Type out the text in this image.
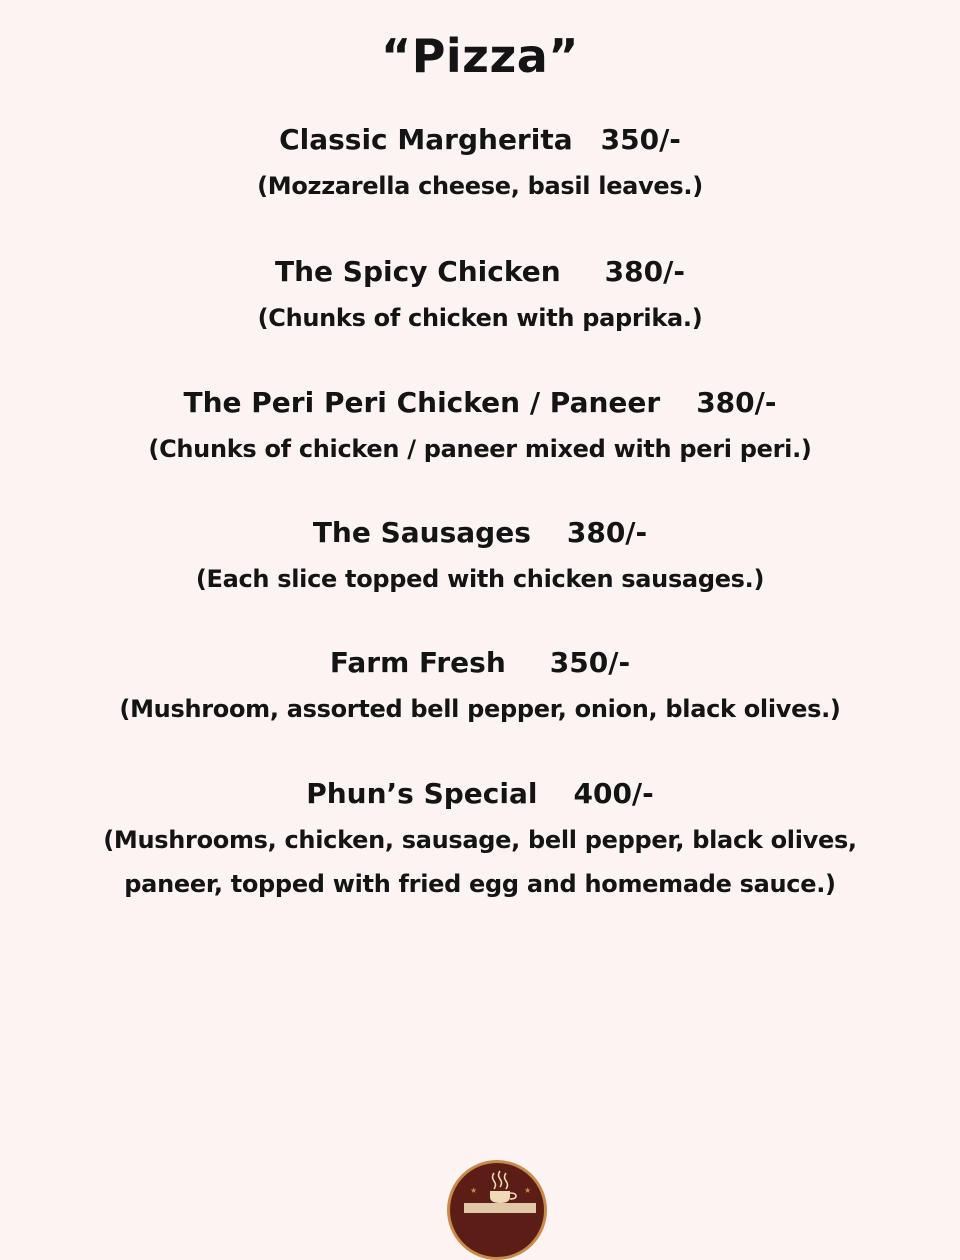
“Pizza”
Classic Margherita 350/-
(Mozzarella cheese, basil leaves.)
The Spicy Chicken 380/-
(Chunks of chicken with paprika.)
The Peri Peri Chicken / Paneer 380/-
(Chunks of chicken / paneer mixed with peri peri.)
The Sausages 380/-
(Each slice topped with chicken sausages.)
Farm Fresh 350/-
(Mushroom, assorted bell pepper, onion, black olives.)
Phun’s Special 400/-
(Mushrooms, chicken, sausage, bell pepper, black olives,
paneer, topped with fried egg and homemade sauce.)
★	★
